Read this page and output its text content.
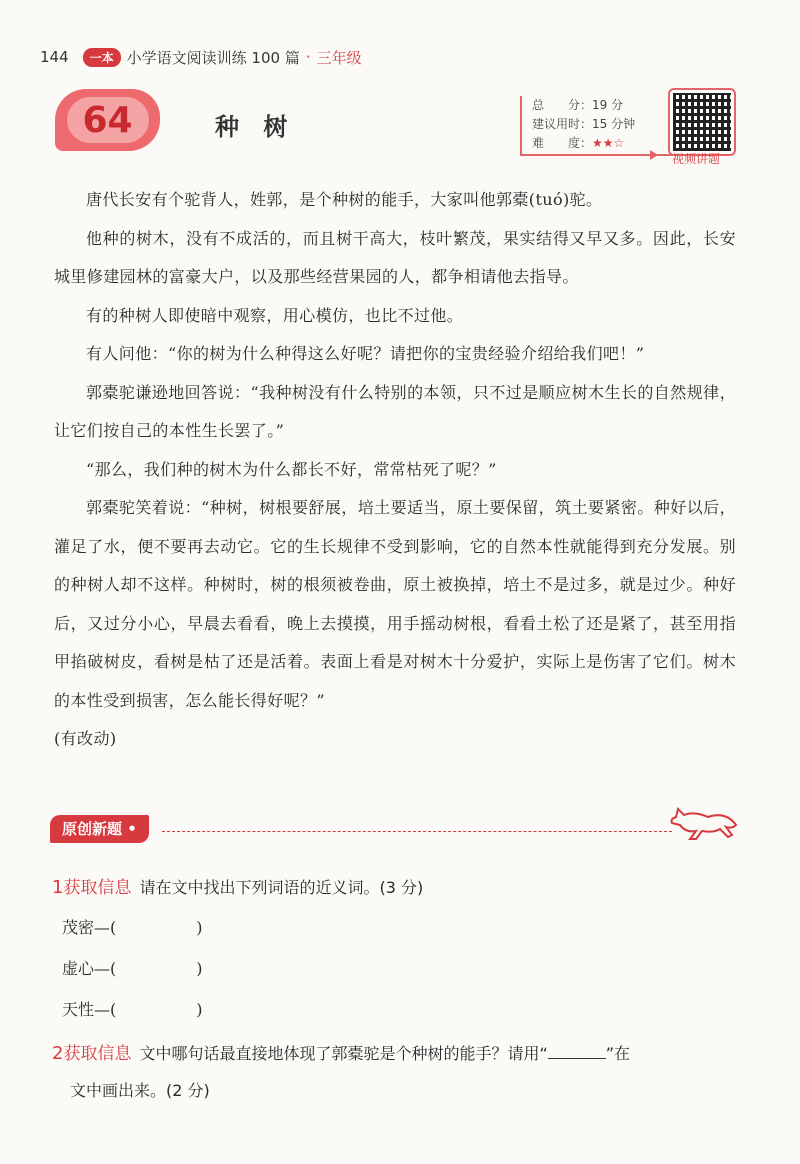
144	一本 小学语文阅读训练 100 篇 · 三年级
64	种 树
总　　分：19 分
建议用时：15 分钟
难　　度：★★☆
视频讲题

唐代长安有个驼背人，姓郭，是个种树的能手，大家叫他郭橐(tuó)驼。

他种的树木，没有不成活的，而且树干高大，枝叶繁茂，果实结得又早又多。因此，长安城里修建园林的富豪大户，以及那些经营果园的人，都争相请他去指导。

有的种树人即使暗中观察，用心模仿，也比不过他。

有人问他：“你的树为什么种得这么好呢？请把你的宝贵经验介绍给我们吧！”

郭橐驼谦逊地回答说：“我种树没有什么特别的本领，只不过是顺应树木生长的自然规律，让它们按自己的本性生长罢了。”

“那么，我们种的树木为什么都长不好，常常枯死了呢？”

郭橐驼笑着说：“种树，树根要舒展，培土要适当，原土要保留，筑土要紧密。种好以后，灌足了水，便不要再去动它。它的生长规律不受到影响，它的自然本性就能得到充分发展。别的种树人却不这样。种树时，树的根须被卷曲，原土被换掉，培土不是过多，就是过少。种好后，又过分小心，早晨去看看，晚上去摸摸，用手摇动树根，看看土松了还是紧了，甚至用指甲掐破树皮，看树是枯了还是活着。表面上看是对树木十分爱护，实际上是伤害了它们。树木的本性受到损害，怎么能长得好呢？”

(有改动)

原创新题 •
1获取信息 请在文中找出下列词语的近义词。(3 分)
茂密—(	)
虚心—(	)
天性—(	)
2获取信息 文中哪句话最直接地体现了郭橐驼是个种树的能手？请用“	”在
文中画出来。(2 分)
